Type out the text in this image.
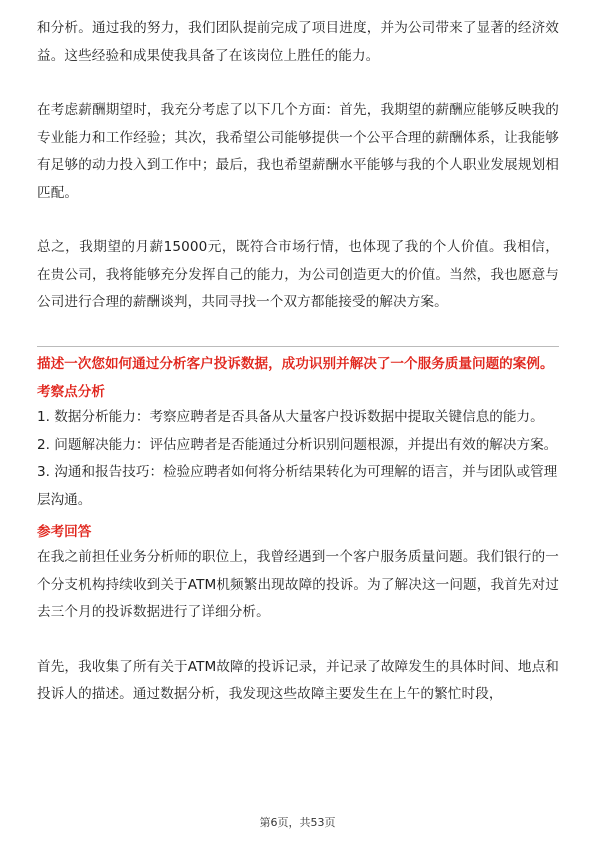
和分析。通过我的努力，我们团队提前完成了项目进度，并为公司带来了显著的经济效益。这些经验和成果使我具备了在该岗位上胜任的能力。

在考虑薪酬期望时，我充分考虑了以下几个方面：首先，我期望的薪酬应能够反映我的专业能力和工作经验；其次，我希望公司能够提供一个公平合理的薪酬体系，让我能够有足够的动力投入到工作中；最后，我也希望薪酬水平能够与我的个人职业发展规划相匹配。

总之，我期望的月薪15000元，既符合市场行情，也体现了我的个人价值。我相信，在贵公司，我将能够充分发挥自己的能力，为公司创造更大的价值。当然，我也愿意与公司进行合理的薪酬谈判，共同寻找一个双方都能接受的解决方案。

描述一次您如何通过分析客户投诉数据，成功识别并解决了一个服务质量问题的案例。

考察点分析

1. 数据分析能力：考察应聘者是否具备从大量客户投诉数据中提取关键信息的能力。

2. 问题解决能力：评估应聘者是否能通过分析识别问题根源，并提出有效的解决方案。

3. 沟通和报告技巧：检验应聘者如何将分析结果转化为可理解的语言，并与团队或管理层沟通。

参考回答

在我之前担任业务分析师的职位上，我曾经遇到一个客户服务质量问题。我们银行的一个分支机构持续收到关于ATM机频繁出现故障的投诉。为了解决这一问题，我首先对过去三个月的投诉数据进行了详细分析。

首先，我收集了所有关于ATM故障的投诉记录，并记录了故障发生的具体时间、地点和投诉人的描述。通过数据分析，我发现这些故障主要发生在上午的繁忙时段，

第6页，共53页
